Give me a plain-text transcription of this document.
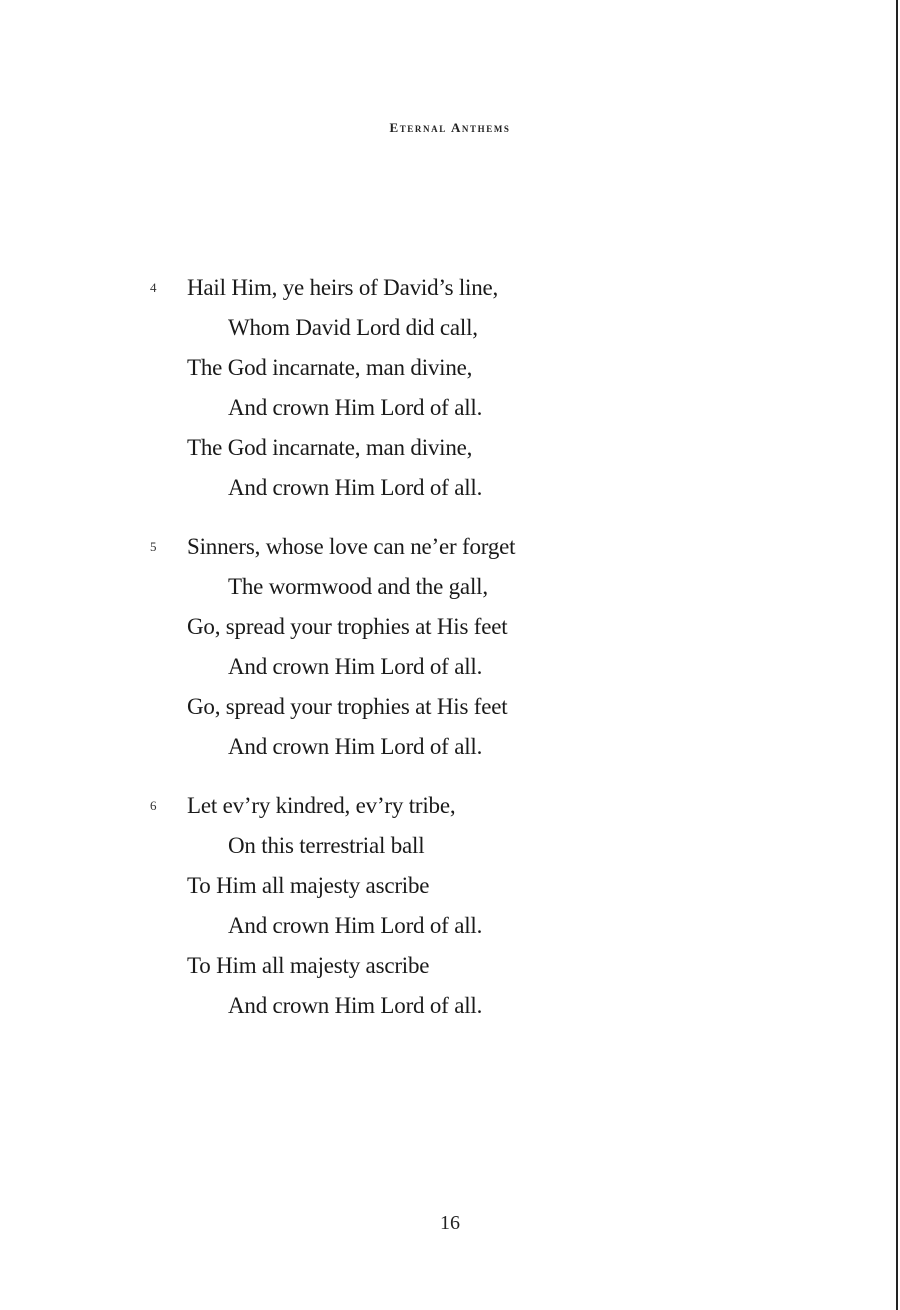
Eternal Anthems
4 Hail Him, ye heirs of David’s line,
Whom David Lord did call,
The God incarnate, man divine,
And crown Him Lord of all.
The God incarnate, man divine,
And crown Him Lord of all.
5 Sinners, whose love can ne’er forget
The wormwood and the gall,
Go, spread your trophies at His feet
And crown Him Lord of all.
Go, spread your trophies at His feet
And crown Him Lord of all.
6 Let ev’ry kindred, ev’ry tribe,
On this terrestrial ball
To Him all majesty ascribe
And crown Him Lord of all.
To Him all majesty ascribe
And crown Him Lord of all.
16
